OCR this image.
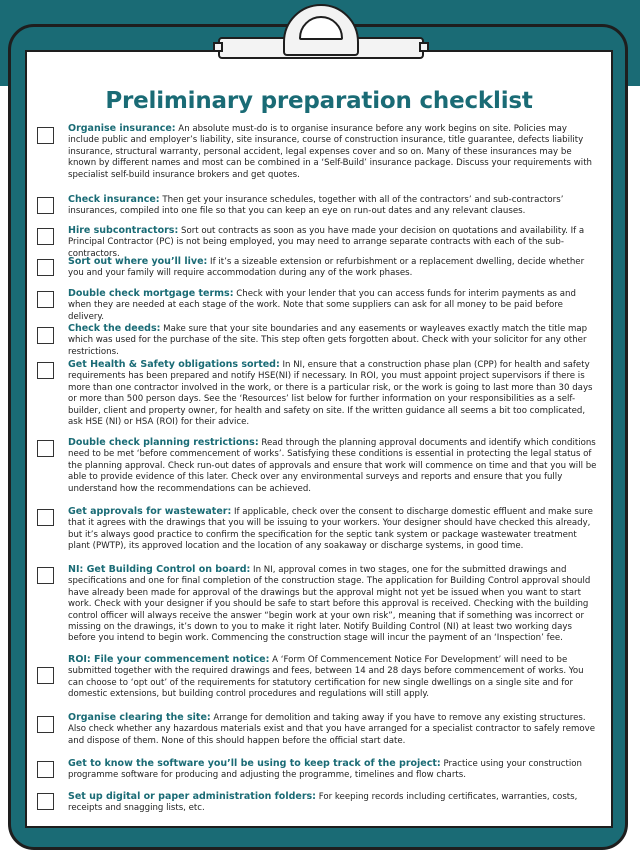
Preliminary preparation checklist
Organise insurance: An absolute must-do is to organise insurance before any work begins on site. Policies may include public and employer’s liability, site insurance, course of construction insurance, title guarantee, defects liability insurance, structural warranty, personal accident, legal expenses cover and so on. Many of these insurances may be known by different names and most can be combined in a ‘Self-Build’ insurance package. Discuss your requirements with specialist self-build insurance brokers and get quotes.
Check insurance: Then get your insurance schedules, together with all of the contractors’ and sub-contractors’ insurances, compiled into one file so that you can keep an eye on run-out dates and any relevant clauses.
Hire subcontractors: Sort out contracts as soon as you have made your decision on quotations and availability. If a Principal Contractor (PC) is not being employed, you may need to arrange separate contracts with each of the sub-contractors.
Sort out where you’ll live: If it’s a sizeable extension or refurbishment or a replacement dwelling, decide whether you and your family will require accommodation during any of the work phases.
Double check mortgage terms: Check with your lender that you can access funds for interim payments as and when they are needed at each stage of the work. Note that some suppliers can ask for all money to be paid before delivery.
Check the deeds: Make sure that your site boundaries and any easements or wayleaves exactly match the title map which was used for the purchase of the site. This step often gets forgotten about. Check with your solicitor for any other restrictions.
Get Health & Safety obligations sorted: In NI, ensure that a construction phase plan (CPP) for health and safety requirements has been prepared and notify HSE(NI) if necessary. In ROI, you must appoint project supervisors if there is more than one contractor involved in the work, or there is a particular risk, or the work is going to last more than 30 days or more than 500 person days. See the ‘Resources’ list below for further information on your responsibilities as a self-builder, client and property owner, for health and safety on site. If the written guidance all seems a bit too complicated, ask HSE (NI) or HSA (ROI) for their advice.
Double check planning restrictions: Read through the planning approval documents and identify which conditions need to be met ‘before commencement of works’. Satisfying these conditions is essential in protecting the legal status of the planning approval. Check run-out dates of approvals and ensure that work will commence on time and that you will be able to provide evidence of this later. Check over any environmental surveys and reports and ensure that you fully understand how the recommendations can be achieved.
Get approvals for wastewater: If applicable, check over the consent to discharge domestic effluent and make sure that it agrees with the drawings that you will be issuing to your workers. Your designer should have checked this already, but it’s always good practice to confirm the specification for the septic tank system or package wastewater treatment plant (PWTP), its approved location and the location of any soakaway or discharge systems, in good time.
NI: Get Building Control on board: In NI, approval comes in two stages, one for the submitted drawings and specifications and one for final completion of the construction stage. The application for Building Control approval should have already been made for approval of the drawings but the approval might not yet be issued when you want to start work. Check with your designer if you should be safe to start before this approval is received. Checking with the building control officer will always receive the answer “begin work at your own risk”, meaning that if something was incorrect or missing on the drawings, it’s down to you to make it right later. Notify Building Control (NI) at least two working days before you intend to begin work. Commencing the construction stage will incur the payment of an ‘Inspection’ fee.
ROI: File your commencement notice: A ‘Form Of Commencement Notice For Development’ will need to be submitted together with the required drawings and fees, between 14 and 28 days before commencement of works. You can choose to ‘opt out’ of the requirements for statutory certification for new single dwellings on a single site and for domestic extensions, but building control procedures and regulations will still apply.
Organise clearing the site: Arrange for demolition and taking away if you have to remove any existing structures. Also check whether any hazardous materials exist and that you have arranged for a specialist contractor to safely remove and dispose of them. None of this should happen before the official start date.
Get to know the software you’ll be using to keep track of the project: Practice using your construction programme software for producing and adjusting the programme, timelines and flow charts.
Set up digital or paper administration folders: For keeping records including certificates, warranties, costs, receipts and snagging lists, etc.
